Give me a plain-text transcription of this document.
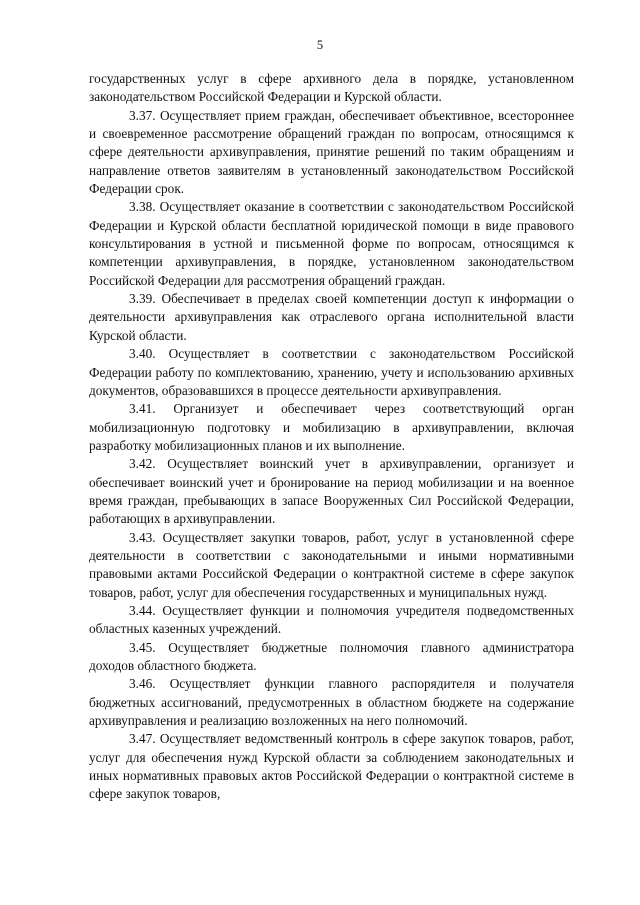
5

государственных услуг в сфере архивного дела в порядке, установленном законодательством Российской Федерации и Курской области.

3.37. Осуществляет прием граждан, обеспечивает объективное, всестороннее и своевременное рассмотрение обращений граждан по вопросам, относящимся к сфере деятельности архивуправления, принятие решений по таким обращениям и направление ответов заявителям в установленный законодательством Российской Федерации срок.

3.38. Осуществляет оказание в соответствии с законодательством Российской Федерации и Курской области бесплатной юридической помощи в виде правового консультирования в устной и письменной форме по вопросам, относящимся к компетенции архивуправления, в порядке, установленном законодательством Российской Федерации для рассмотрения обращений граждан.

3.39. Обеспечивает в пределах своей компетенции доступ к информации о деятельности архивуправления как отраслевого органа исполнительной власти Курской области.

3.40. Осуществляет в соответствии с законодательством Российской Федерации работу по комплектованию, хранению, учету и использованию архивных документов, образовавшихся в процессе деятельности архивуправления.

3.41. Организует и обеспечивает через соответствующий орган мобилизационную подготовку и мобилизацию в архивуправлении, включая разработку мобилизационных планов и их выполнение.

3.42. Осуществляет воинский учет в архивуправлении, организует и обеспечивает воинский учет и бронирование на период мобилизации и на военное время граждан, пребывающих в запасе Вооруженных Сил Российской Федерации, работающих в архивуправлении.

3.43. Осуществляет закупки товаров, работ, услуг в установленной сфере деятельности в соответствии с законодательными и иными нормативными правовыми актами Российской Федерации о контрактной системе в сфере закупок товаров, работ, услуг для обеспечения государственных и муниципальных нужд.

3.44. Осуществляет функции и полномочия учредителя подведомственных областных казенных учреждений.

3.45. Осуществляет бюджетные полномочия главного администратора доходов областного бюджета.

3.46. Осуществляет функции главного распорядителя и получателя бюджетных ассигнований, предусмотренных в областном бюджете на содержание архивуправления и реализацию возложенных на него полномочий.

3.47. Осуществляет ведомственный контроль в сфере закупок товаров, работ, услуг для обеспечения нужд Курской области за соблюдением законодательных и иных нормативных правовых актов Российской Федерации о контрактной системе в сфере закупок товаров,
